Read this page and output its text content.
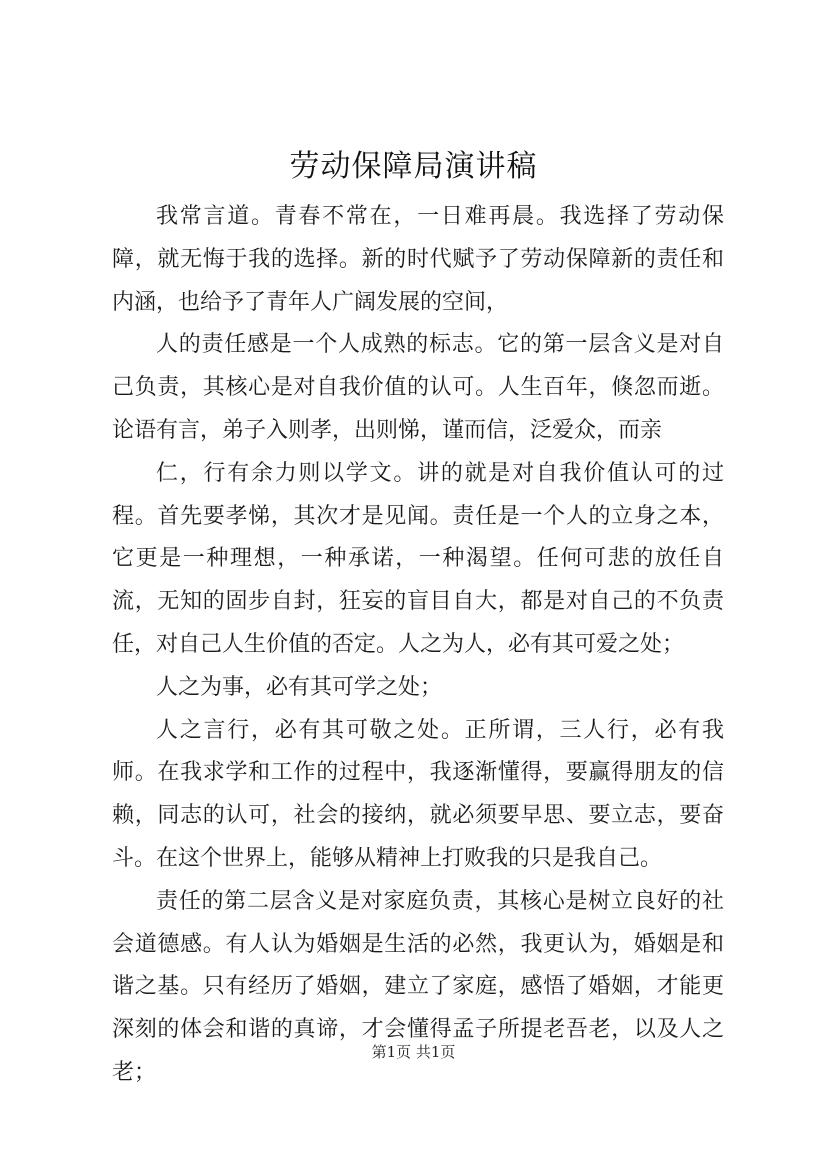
劳动保障局演讲稿

我常言道。青春不常在，一日难再晨。我选择了劳动保障，就无悔于我的选择。新的时代赋予了劳动保障新的责任和内涵，也给予了青年人广阔发展的空间，

人的责任感是一个人成熟的标志。它的第一层含义是对自己负责，其核心是对自我价值的认可。人生百年，倏忽而逝。论语有言，弟子入则孝，出则悌，谨而信，泛爱众，而亲

仁，行有余力则以学文。讲的就是对自我价值认可的过程。首先要孝悌，其次才是见闻。责任是一个人的立身之本，它更是一种理想，一种承诺，一种渴望。任何可悲的放任自流，无知的固步自封，狂妄的盲目自大，都是对自己的不负责任，对自己人生价值的否定。人之为人，必有其可爱之处；

人之为事，必有其可学之处；

人之言行，必有其可敬之处。正所谓，三人行，必有我师。在我求学和工作的过程中，我逐渐懂得，要赢得朋友的信赖，同志的认可，社会的接纳，就必须要早思、要立志，要奋斗。在这个世界上，能够从精神上打败我的只是我自己。

责任的第二层含义是对家庭负责，其核心是树立良好的社会道德感。有人认为婚姻是生活的必然，我更认为，婚姻是和谐之基。只有经历了婚姻，建立了家庭，感悟了婚姻，才能更深刻的体会和谐的真谛，才会懂得孟子所提老吾老，以及人之老；

第1页 共1页
